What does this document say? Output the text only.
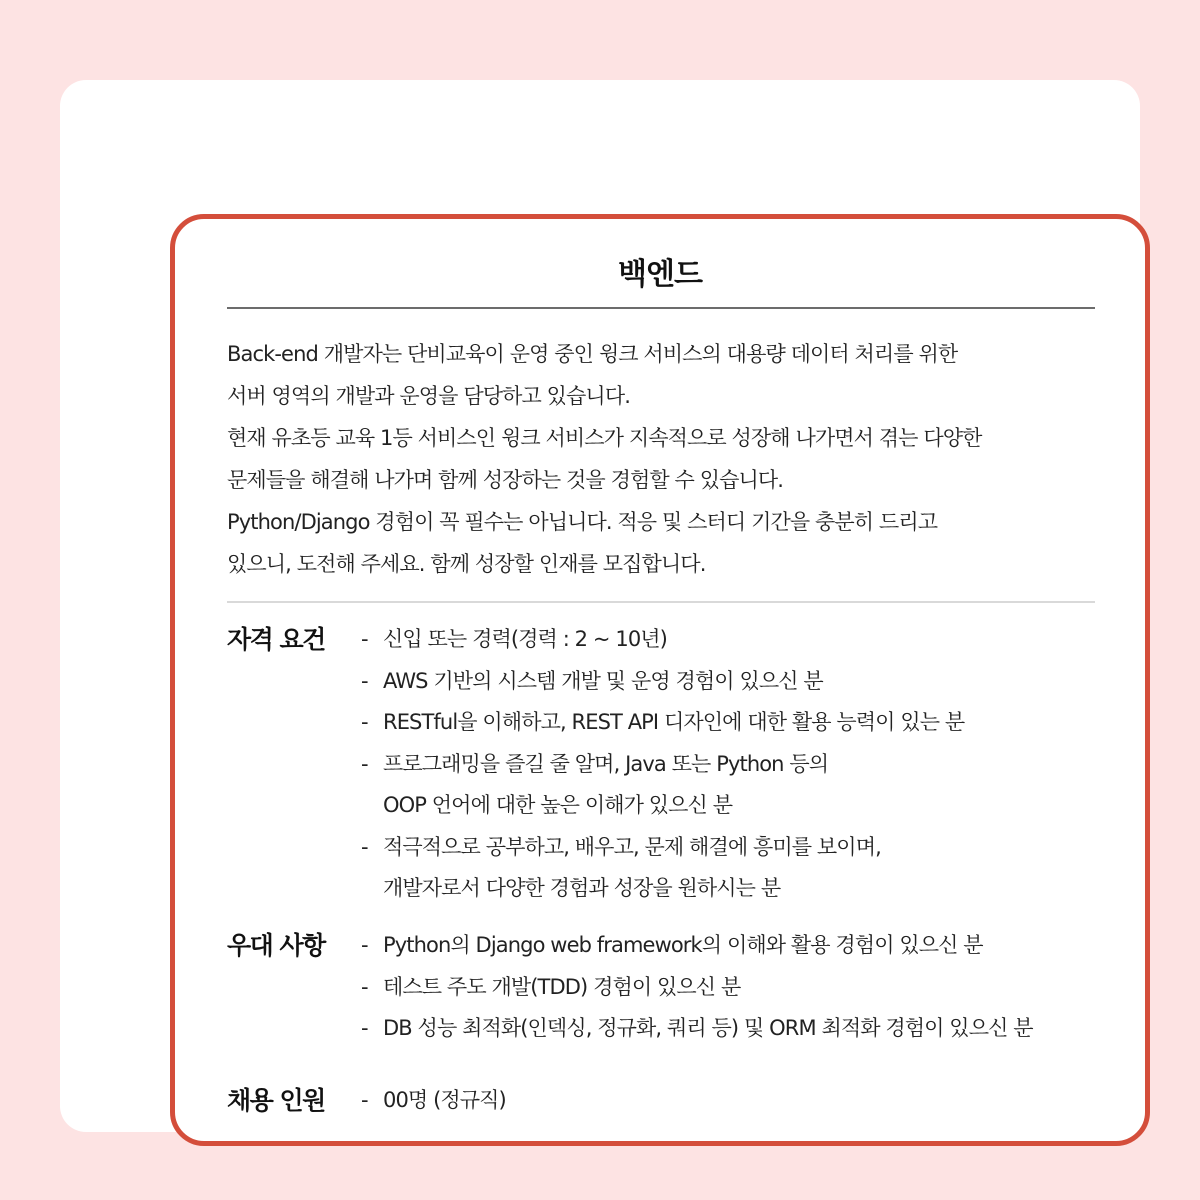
백엔드
Back-end 개발자는 단비교육이 운영 중인 윙크 서비스의 대용량 데이터 처리를 위한
서버 영역의 개발과 운영을 담당하고 있습니다.
현재 유초등 교육 1등 서비스인 윙크 서비스가 지속적으로 성장해 나가면서 겪는 다양한
문제들을 해결해 나가며 함께 성장하는 것을 경험할 수 있습니다.
Python/Django 경험이 꼭 필수는 아닙니다. 적응 및 스터디 기간을 충분히 드리고
있으니, 도전해 주세요. 함께 성장할 인재를 모집합니다.
자격 요건 - 신입 또는 경력(경력 : 2 ~ 10년)
- AWS 기반의 시스템 개발 및 운영 경험이 있으신 분
- RESTful을 이해하고, REST API 디자인에 대한 활용 능력이 있는 분
- 프로그래밍을 즐길 줄 알며, Java 또는 Python 등의
OOP 언어에 대한 높은 이해가 있으신 분
- 적극적으로 공부하고, 배우고, 문제 해결에 흥미를 보이며,
개발자로서 다양한 경험과 성장을 원하시는 분
우대 사항 - Python의 Django web framework의 이해와 활용 경험이 있으신 분
- 테스트 주도 개발(TDD) 경험이 있으신 분
- DB 성능 최적화(인덱싱, 정규화, 쿼리 등) 및 ORM 최적화 경험이 있으신 분
채용 인원 - 00명 (정규직)
